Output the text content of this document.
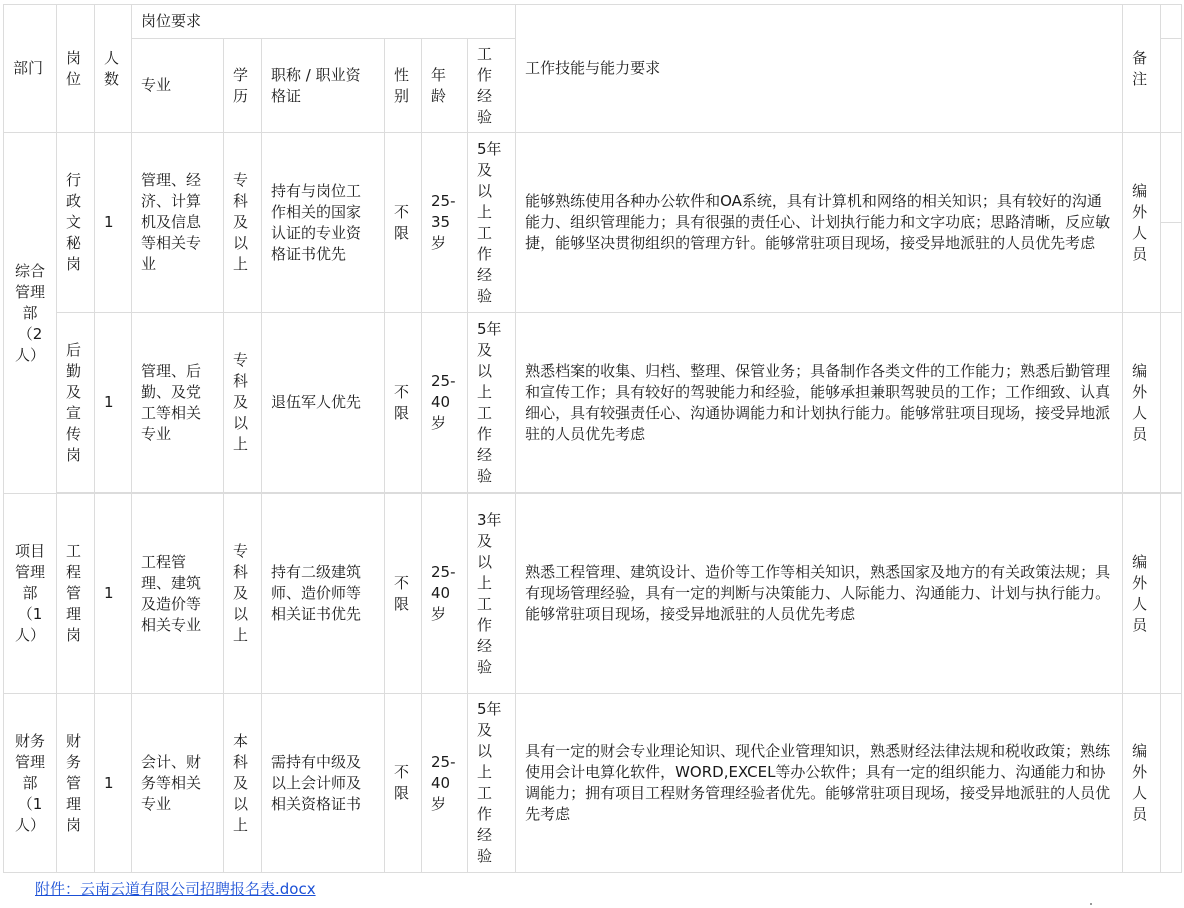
部门	岗位	人数	岗位要求						工作技能与能力要求	备注	
			专业	学历	职称 / 职业资格证	性别	年龄	工作经验			
综合管理部（2人）	行政文秘岗	1	管理、经济、计算机及信息等相关专业	专科及以上	持有与岗位工作相关的国家认证的专业资格证书优先	不限	25-35岁	5年及以上工作经验	能够熟练使用各种办公软件和OA系统，具有计算机和网络的相关知识；具有较好的沟通能力、组织管理能力；具有很强的责任心、计划执行能力和文字功底；思路清晰，反应敏捷，能够坚决贯彻组织的管理方针。能够常驻项目现场，接受异地派驻的人员优先考虑	编外人员	

	后勤及宣传岗	1	管理、后勤、及党工等相关专业	专科及以上	退伍军人优先	不限	25-40岁	5年及以上工作经验	熟悉档案的收集、归档、整理、保管业务；具备制作各类文件的工作能力；熟悉后勤管理和宣传工作；具有较好的驾驶能力和经验，能够承担兼职驾驶员的工作；工作细致、认真细心，具有较强责任心、沟通协调能力和计划执行能力。能够常驻项目现场，接受异地派驻的人员优先考虑	编外人员	

项目管理部（1人）	工程管理岗	1	工程管理、建筑及造价等相关专业	专科及以上	持有二级建筑师、造价师等相关证书优先	不限	25-40岁	3年及以上工作经验	熟悉工程管理、建筑设计、造价等工作等相关知识，熟悉国家及地方的有关政策法规；具有现场管理经验，具有一定的判断与决策能力、人际能力、沟通能力、计划与执行能力。能够常驻项目现场，接受异地派驻的人员优先考虑	编外人员	
财务管理部（1人）	财务管理岗	1	会计、财务等相关专业	本科及以上	需持有中级及以上会计师及相关资格证书	不限	25-40岁	5年及以上工作经验	具有一定的财会专业理论知识、现代企业管理知识，熟悉财经法律法规和税收政策；熟练使用会计电算化软件，WORD,EXCEL等办公软件；具有一定的组织能力、沟通能力和协调能力；拥有项目工程财务管理经验者优先。能够常驻项目现场，接受异地派驻的人员优先考虑	编外人员	
附件：云南云道有限公司招聘报名表.docx
